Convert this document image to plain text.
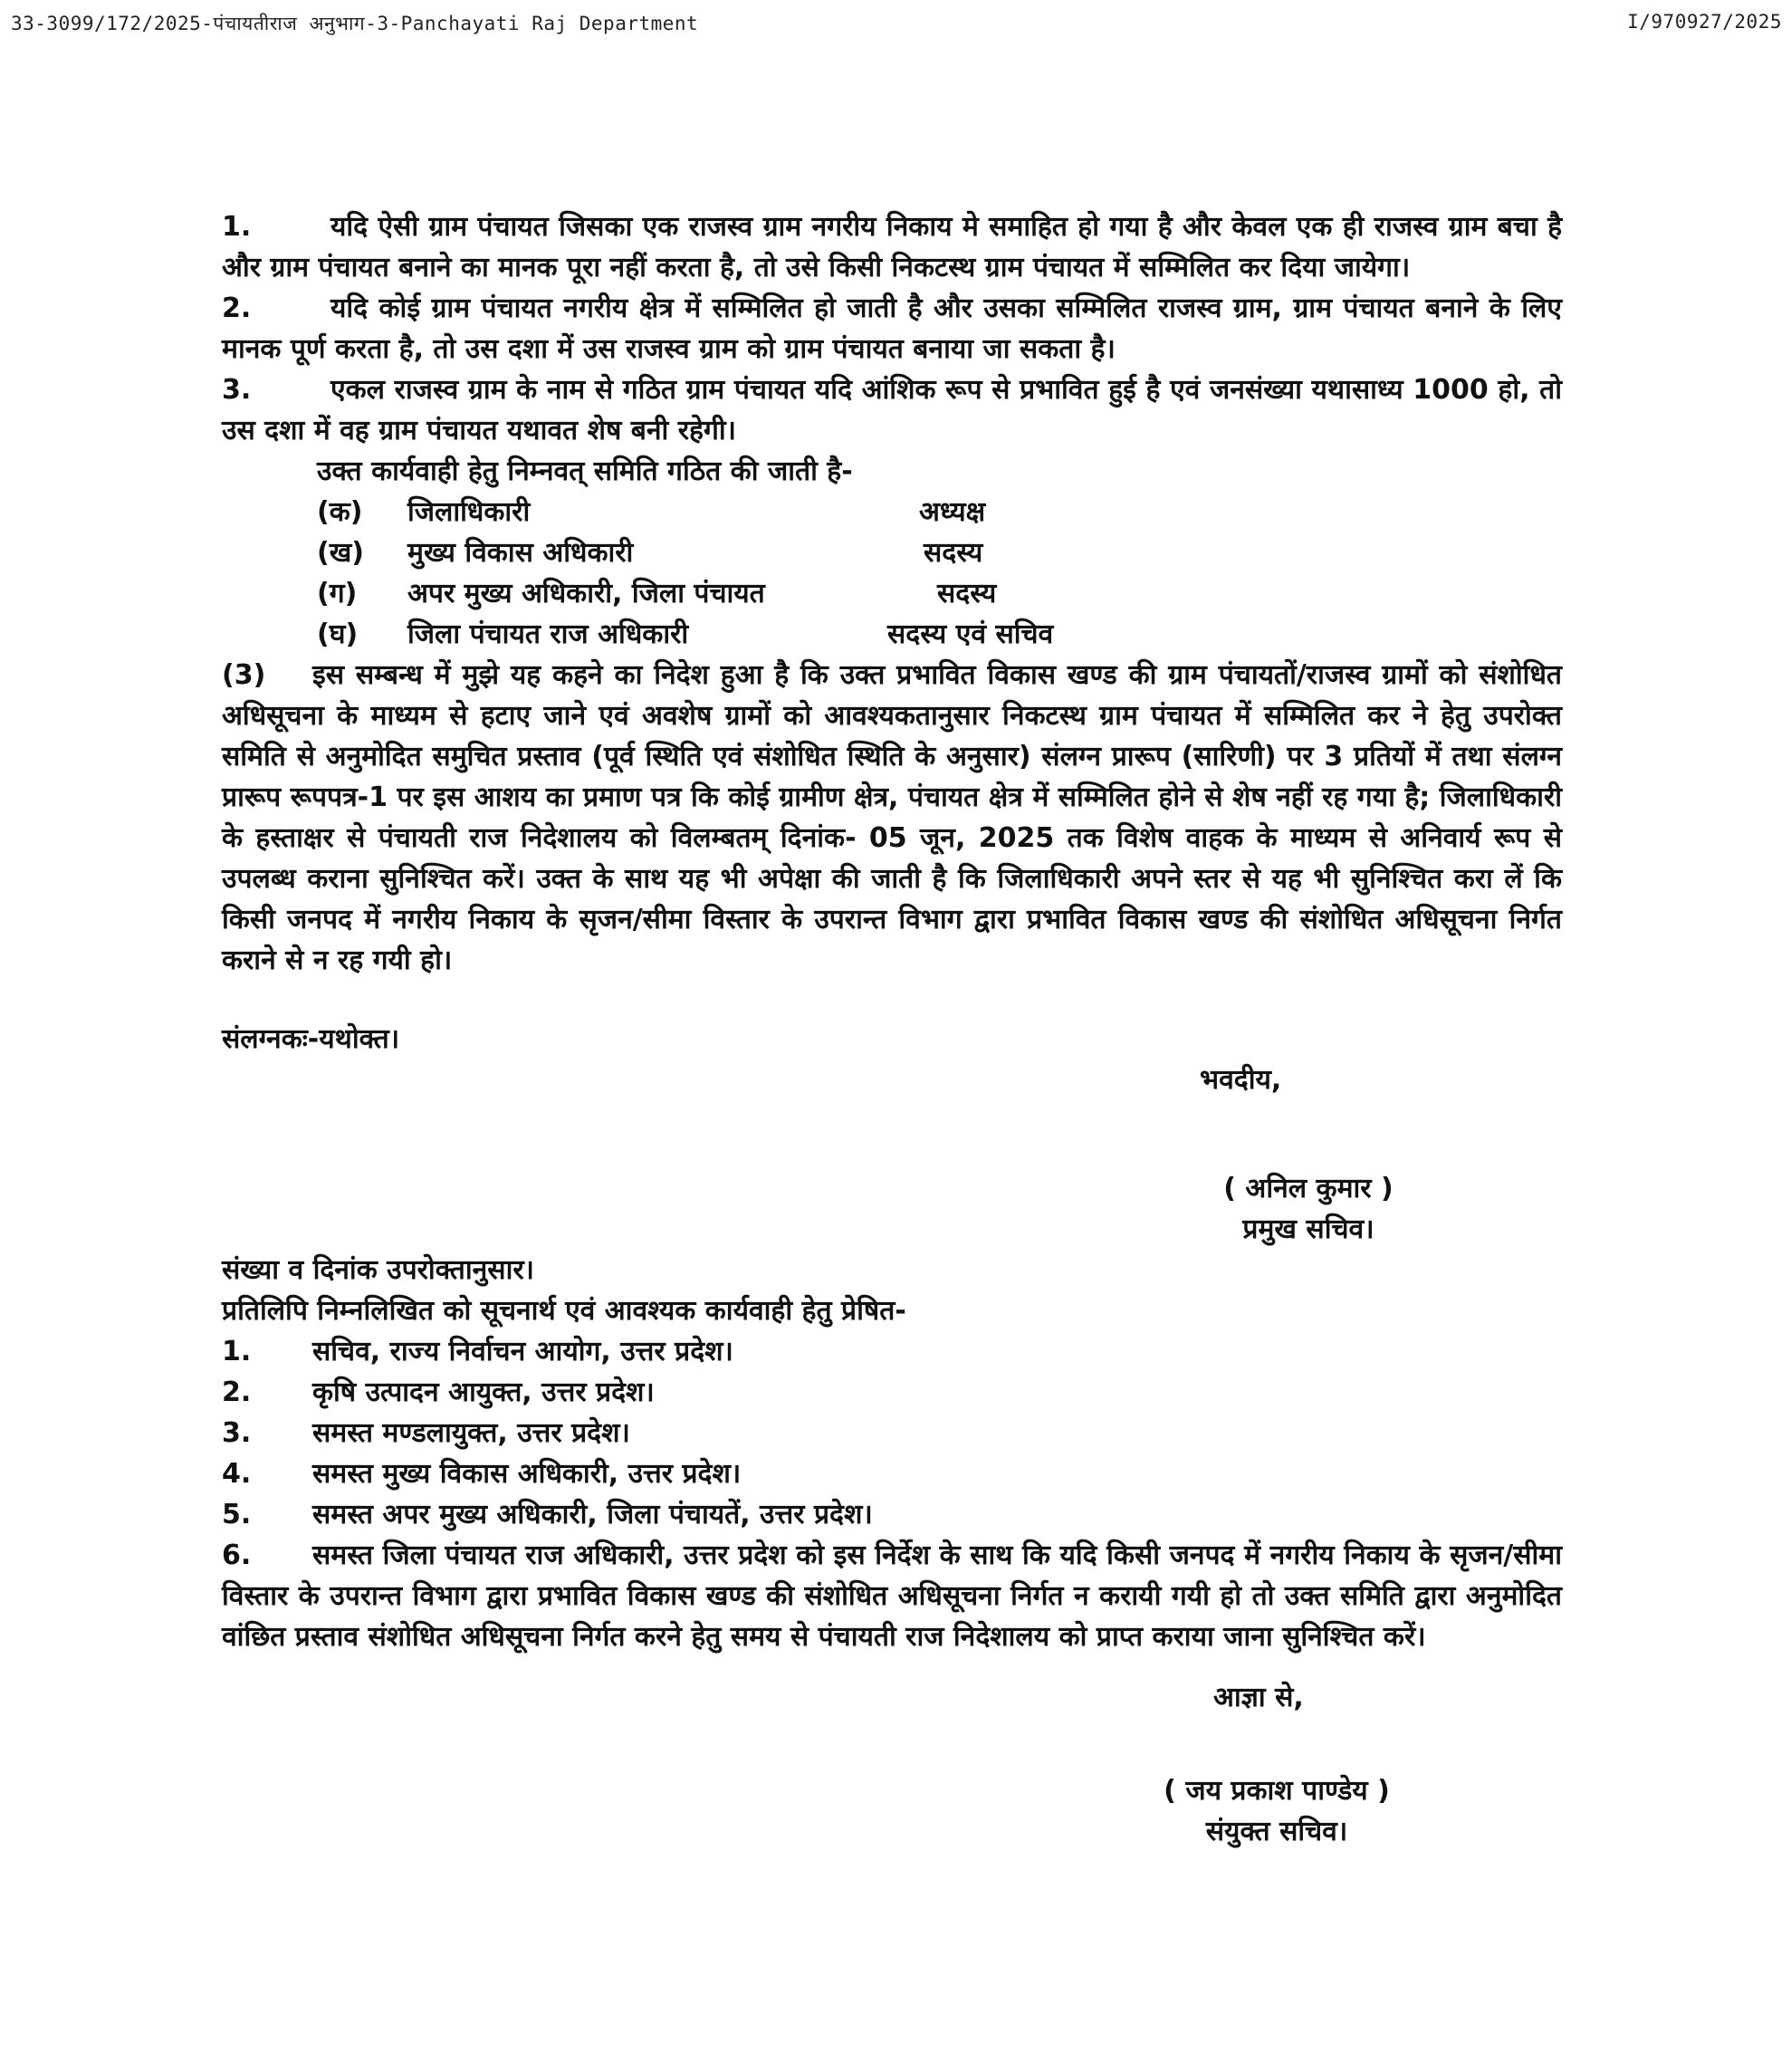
33-3099/172/2025-पंचायतीराज अनुभाग-3-Panchayati Raj Department	I/970927/2025

1.	यदि ऐसी ग्राम पंचायत जिसका एक राजस्व ग्राम नगरीय निकाय मे समाहित हो गया है और केवल एक ही राजस्व ग्राम बचा है और ग्राम पंचायत बनाने का मानक पूरा नहीं करता है, तो उसे किसी निकटस्थ ग्राम पंचायत में सम्मिलित कर दिया जायेगा।

2.	यदि कोई ग्राम पंचायत नगरीय क्षेत्र में सम्मिलित हो जाती है और उसका सम्मिलित राजस्व ग्राम, ग्राम पंचायत बनाने के लिए मानक पूर्ण करता है, तो उस दशा में उस राजस्व ग्राम को ग्राम पंचायत बनाया जा सकता है।

3.	एकल राजस्व ग्राम के नाम से गठित ग्राम पंचायत यदि आंशिक रूप से प्रभावित हुई है एवं जनसंख्या यथासाध्य 1000 हो, तो उस दशा में वह ग्राम पंचायत यथावत शेष बनी रहेगी।

उक्त कार्यवाही हेतु निम्नवत् समिति गठित की जाती है-

(क)	जिलाधिकारी	अध्यक्ष
(ख)	मुख्य विकास अधिकारी	सदस्य
(ग)	अपर मुख्य अधिकारी, जिला पंचायत	सदस्य
(घ)	जिला पंचायत राज अधिकारी	सदस्य एवं सचिव

(3) इस सम्बन्ध में मुझे यह कहने का निदेश हुआ है कि उक्त प्रभावित विकास खण्ड की ग्राम पंचायतों/राजस्व ग्रामों को संशोधित अधिसूचना के माध्यम से हटाए जाने एवं अवशेष ग्रामों को आवश्यकतानुसार निकटस्थ ग्राम पंचायत में सम्मिलित कर ने हेतु उपरोक्त समिति से अनुमोदित समुचित प्रस्ताव (पूर्व स्थिति एवं संशोधित स्थिति के अनुसार) संलग्न प्रारूप (सारिणी) पर 3 प्रतियों में तथा संलग्न प्रारूप रूपपत्र-1 पर इस आशय का प्रमाण पत्र कि कोई ग्रामीण क्षेत्र, पंचायत क्षेत्र में सम्मिलित होने से शेष नहीं रह गया है; जिलाधिकारी के हस्ताक्षर से पंचायती राज निदेशालय को विलम्बतम् दिनांक- 05 जून, 2025 तक विशेष वाहक के माध्यम से अनिवार्य रूप से उपलब्ध कराना सुनिश्चित करें। उक्त के साथ यह भी अपेक्षा की जाती है कि जिलाधिकारी अपने स्तर से यह भी सुनिश्चित करा लें कि किसी जनपद में नगरीय निकाय के सृजन/सीमा विस्तार के उपरान्त विभाग द्वारा प्रभावित विकास खण्ड की संशोधित अधिसूचना निर्गत कराने से न रह गयी हो।

संलग्नकः-यथोक्त।

भवदीय,
( अनिल कुमार )
प्रमुख सचिव।

संख्या व दिनांक उपरोक्तानुसार।

प्रतिलिपि निम्नलिखित को सूचनार्थ एवं आवश्यक कार्यवाही हेतु प्रेषित-

1. सचिव, राज्य निर्वाचन आयोग, उत्तर प्रदेश।

2. कृषि उत्पादन आयुक्त, उत्तर प्रदेश।

3. समस्त मण्डलायुक्त, उत्तर प्रदेश।

4. समस्त मुख्य विकास अधिकारी, उत्तर प्रदेश।

5. समस्त अपर मुख्य अधिकारी, जिला पंचायतें, उत्तर प्रदेश।

6. समस्त जिला पंचायत राज अधिकारी, उत्तर प्रदेश को इस निर्देश के साथ कि यदि किसी जनपद में नगरीय निकाय के सृजन/सीमा विस्तार के उपरान्त विभाग द्वारा प्रभावित विकास खण्ड की संशोधित अधिसूचना निर्गत न करायी गयी हो तो उक्त समिति द्वारा अनुमोदित वांछित प्रस्ताव संशोधित अधिसूचना निर्गत करने हेतु समय से पंचायती राज निदेशालय को प्राप्त कराया जाना सुनिश्चित करें।

आज्ञा से,
( जय प्रकाश पाण्डेय )
संयुक्त सचिव।
